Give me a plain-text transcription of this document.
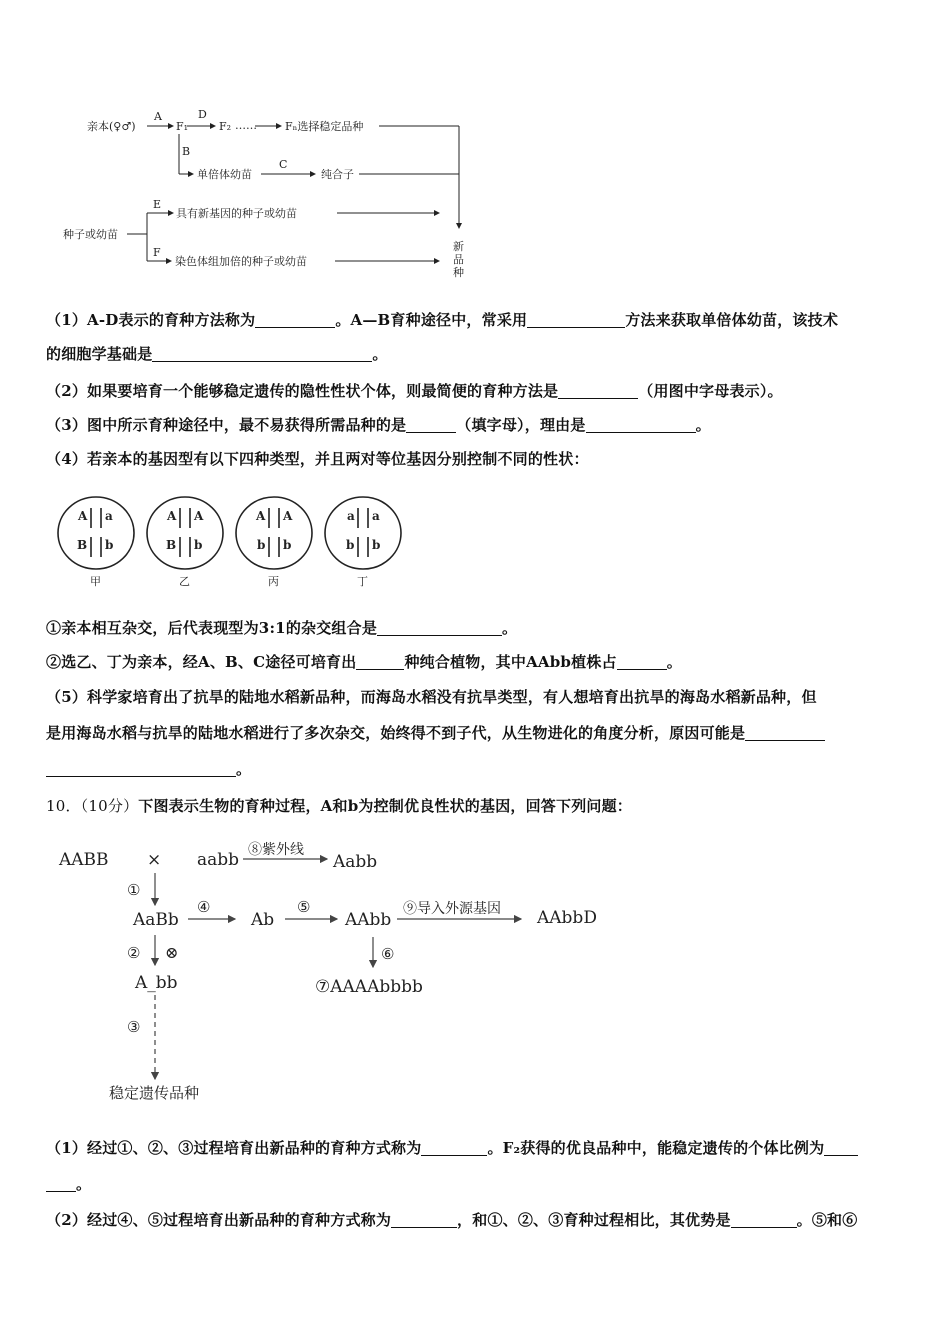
亲本(♀♂)
A
F₁
D
F₂ ……	Fₙ选择稳定品种
B
单倍体幼苗
C
纯合子
种子或幼苗
E
具有新基因的种子或幼苗
F
染色体组加倍的种子或幼苗
新
品
种
（1）A-D表示的育种方法称为	。A—B育种途径中，常采用	方法来获取单倍体幼苗，该技术
的细胞学基础是	。
（2）如果要培育一个能够稳定遗传的隐性性状个体，则最简便的育种方法是	（用图中字母表示）。
（3）图中所示育种途径中，最不易获得所需品种的是	（填字母），理由是	。
（4）若亲本的基因型有以下四种类型，并且两对等位基因分别控制不同的性状：
A a
B b
甲
A A
B b
乙
A A
b b
丙
a a
b b
丁
①亲本相互杂交，后代表现型为3:1的杂交组合是	。
②选乙、丁为亲本，经A、B、C途径可培育出	种纯合植物，其中AAbb植株占	。
（5）科学家培育出了抗旱的陆地水稻新品种，而海岛水稻没有抗旱类型，有人想培育出抗旱的海岛水稻新品种，但
是用海岛水稻与抗旱的陆地水稻进行了多次杂交，始终得不到子代，从生物进化的角度分析，原因可能是
。
10．（10分）下图表示生物的育种过程，A和b为控制优良性状的基因，回答下列问题：
AABB × aabb ⑧紫外线
Aabb
①
AaBb
④
Ab
⑤
AAbb
⑨导入外源基因 AAbbD
② ⊗	⑥
A_bb	⑦AAAAbbbb
③
稳定遗传品种
（1）经过①、②、③过程培育出新品种的育种方式称为	。F₂获得的优良品种中，能稳定遗传的个体比例为
。
（2）经过④、⑤过程培育出新品种的育种方式称为	，和①、②、③育种过程相比，其优势是	。⑤和⑥
